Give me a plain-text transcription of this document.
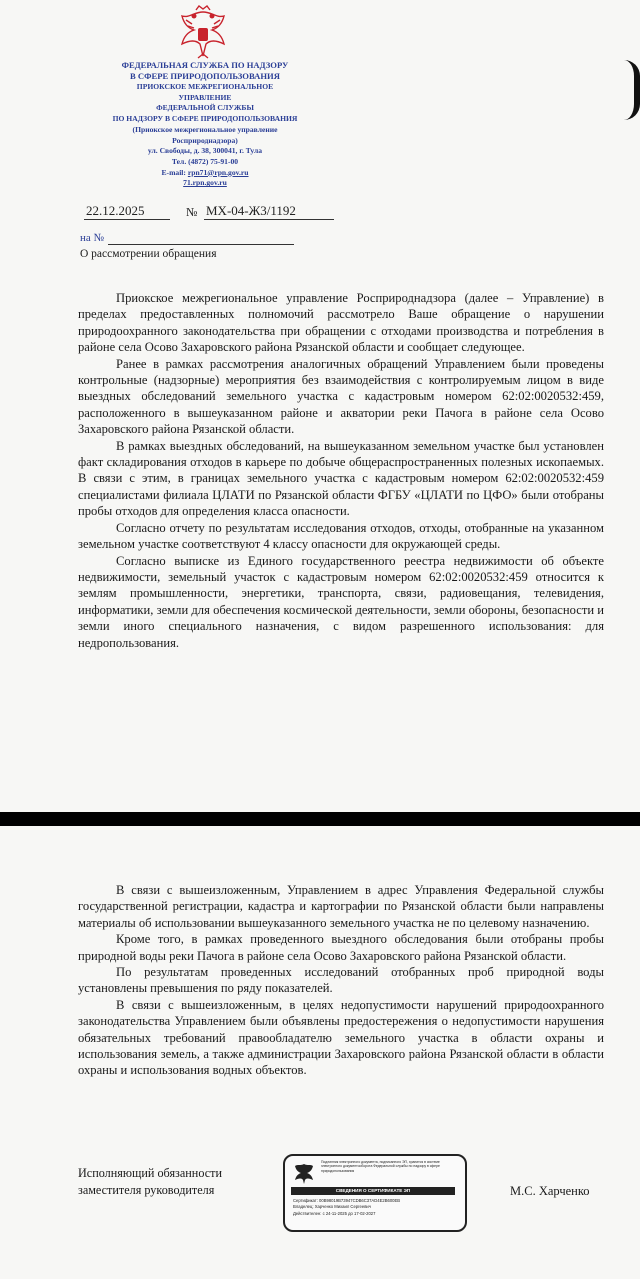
ФЕДЕРАЛЬНАЯ СЛУЖБА ПО НАДЗОРУ
В СФЕРЕ ПРИРОДОПОЛЬЗОВАНИЯ
ПРИОКСКОЕ МЕЖРЕГИОНАЛЬНОЕ
УПРАВЛЕНИЕ
ФЕДЕРАЛЬНОЙ СЛУЖБЫ
ПО НАДЗОРУ В СФЕРЕ ПРИРОДОПОЛЬЗОВАНИЯ
(Приокское межрегиональное управление
Росприроднадзора)
ул. Свободы, д. 38, 300041, г. Тула
Тел. (4872) 75-91-00
E-mail: rpn71@rpn.gov.ru
71.rpn.gov.ru
22.12.2025	№ МХ-04-Ж3/1192
на №
О рассмотрении обращения

Приокское межрегиональное управление Росприроднадзора (далее – Управление) в пределах предоставленных полномочий рассмотрело Ваше обращение о нарушении природоохранного законодательства при обращении с отходами производства и потребления в районе села Осово Захаровского района Рязанской области и сообщает следующее.

Ранее в рамках рассмотрения аналогичных обращений Управлением были проведены контрольные (надзорные) мероприятия без взаимодействия с контролируемым лицом в виде выездных обследований земельного участка с кадастровым номером 62:02:0020532:459, расположенного в вышеуказанном районе и акватории реки Пачога в районе села Осово Захаровского района Рязанской области.

В рамках выездных обследований, на вышеуказанном земельном участке был установлен факт складирования отходов в карьере по добыче общераспространенных полезных ископаемых. В связи с этим, в границах земельного участка с кадастровым номером 62:02:0020532:459 специалистами филиала ЦЛАТИ по Рязанской области ФГБУ «ЦЛАТИ по ЦФО» были отобраны пробы отходов для определения класса опасности.

Согласно отчету по результатам исследования отходов, отходы, отобранные на указанном земельном участке соответствуют 4 классу опасности для окружающей среды.

Согласно выписке из Единого государственного реестра недвижимости об объекте недвижимости, земельный участок с кадастровым номером 62:02:0020532:459 относится к землям промышленности, энергетики, транспорта, связи, радиовещания, телевидения, информатики, земли для обеспечения космической деятельности, земли обороны, безопасности и земли иного специального назначения, с видом разрешенного использования: для недропользования.

В связи с вышеизложенным, Управлением в адрес Управления Федеральной службы государственной регистрации, кадастра и картографии по Рязанской области были направлены материалы об использовании вышеуказанного земельного участка не по целевому назначению.

Кроме того, в рамках проведенного выездного обследования были отобраны пробы природной воды реки Пачога в районе села Осово Захаровского района Рязанской области.

По результатам проведенных исследований отобранных проб природной воды установлены превышения по ряду показателей.

В связи с вышеизложенным, в целях недопустимости нарушений природоохранного законодательства Управлением были объявлены предостережения о недопустимости нарушения обязательных требований правообладателю земельного участка в области охраны и использования земель, а также администрации Захаровского района Рязанской области в области охраны и использования водных объектов.

Исполняющий обязанности
заместителя руководителя
Подлинник электронного документа, подписанного ЭП, хранится в системе электронного документооборота Федеральной службы по надзору в сфере природопользования
СВЕДЕНИЯ О СЕРТИФИКАТЕ ЭП
Сертификат: 00B98019B73947CDB6C37AD4E2B600EB
Владелец: Харченко Михаил Сергеевич
Действителен: с 24-11-2025 до 17-02-2027
М.С. Харченко
